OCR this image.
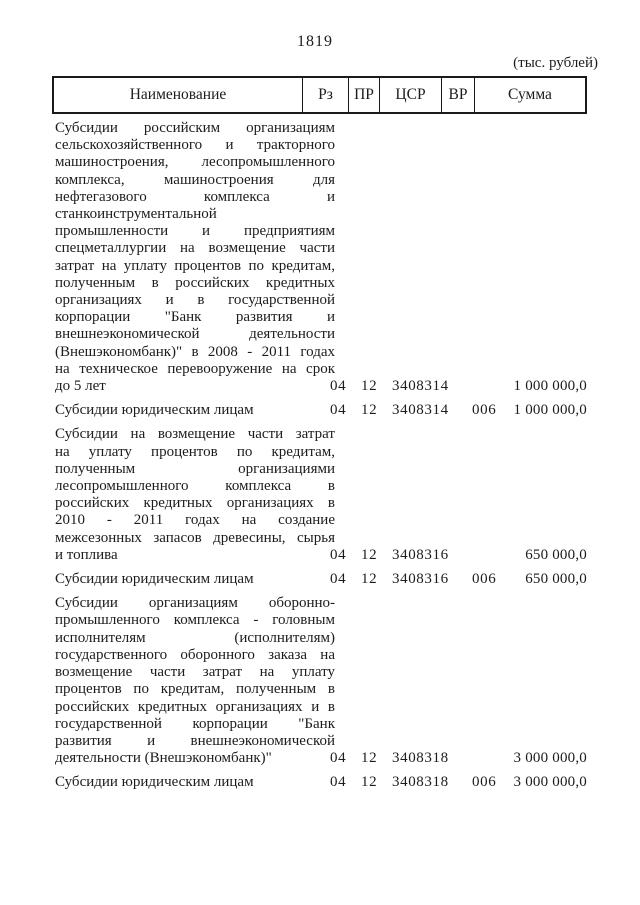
1819
(тыс. рублей)
Наименование	Рз	ПР	ЦСР	ВР	Сумма
Субсидии российским организациям
сельскохозяйственного и тракторного
машиностроения, лесопромышленного
комплекса, машиностроения для
нефтегазового комплекса и
станкоинструментальной
промышленности и предприятиям
спецметаллургии на возмещение части
затрат на уплату процентов по кредитам,
полученным в российских кредитных
организациях и в государственной
корпорации "Банк развития и
внешнеэкономической деятельности
(Внешэкономбанк)" в 2008 - 2011 годах
на техническое перевооружение на срок
до 5 лет	04 12 3408314	1 000 000,0
Субсидии юридическим лицам	04 12 3408314 006 1 000 000,0
Субсидии на возмещение части затрат
на уплату процентов по кредитам,
полученным организациями
лесопромышленного комплекса в
российских кредитных организациях в
2010 - 2011 годах на создание
межсезонных запасов древесины, сырья
и топлива	04 12 3408316	650 000,0
Субсидии юридическим лицам	04 12 3408316 006 650 000,0
Субсидии организациям оборонно-
промышленного комплекса - головным
исполнителям (исполнителям)
государственного оборонного заказа на
возмещение части затрат на уплату
процентов по кредитам, полученным в
российских кредитных организациях и в
государственной корпорации "Банк
развития и внешнеэкономической
деятельности (Внешэкономбанк)"	04 12 3408318	3 000 000,0
Субсидии юридическим лицам	04 12 3408318 006 3 000 000,0
